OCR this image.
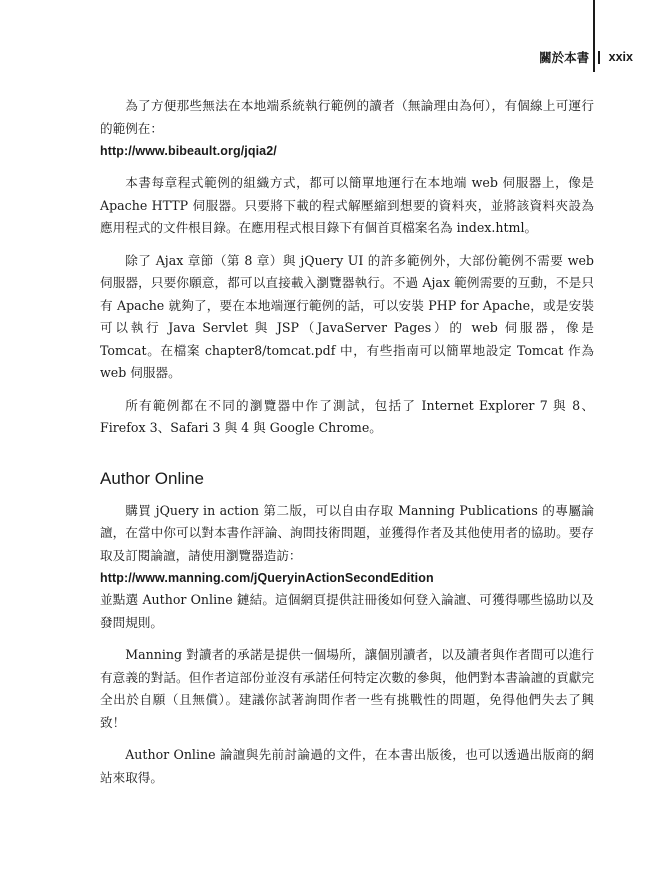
關於本書 xxix

為了方便那些無法在本地端系統執行範例的讀者（無論理由為何），有個線上可運行的範例在：

http://www.bibeault.org/jqia2/

本書每章程式範例的組織方式，都可以簡單地運行在本地端 web 伺服器上，像是 Apache HTTP 伺服器。只要將下載的程式解壓縮到想要的資料夾，並將該資料夾設為應用程式的文件根目錄。在應用程式根目錄下有個首頁檔案名為 index.html。

除了 Ajax 章節（第 8 章）與 jQuery UI 的許多範例外，大部份範例不需要 web 伺服器，只要你願意，都可以直接載入瀏覽器執行。不過 Ajax 範例需要的互動，不是只有 Apache 就夠了，要在本地端運行範例的話，可以安裝 PHP for Apache，或是安裝可以執行 Java Servlet 與 JSP（JavaServer Pages）的 web 伺服器，像是 Tomcat。在檔案 chapter8/tomcat.pdf 中，有些指南可以簡單地設定 Tomcat 作為 web 伺服器。

所有範例都在不同的瀏覽器中作了測試，包括了 Internet Explorer 7 與 8、Firefox 3、Safari 3 與 4 與 Google Chrome。

Author Online

購買 jQuery in action 第二版，可以自由存取 Manning Publications 的專屬論譠，在當中你可以對本書作評論、詢問技術問題，並獲得作者及其他使用者的協助。要存取及訂閱論譠，請使用瀏覽器造訪：

http://www.manning.com/jQueryinActionSecondEdition

並點選 Author Online 鏈結。這個網頁提供註冊後如何登入論譠、可獲得哪些協助以及發問規則。

Manning 對讀者的承諾是提供一個場所，讓個別讀者，以及讀者與作者間可以進行有意義的對話。但作者這部份並沒有承諾任何特定次數的參與，他們對本書論譠的貢獻完全出於自願（且無償）。建議你試著詢問作者一些有挑戰性的問題，免得他們失去了興致！

Author Online 論譠與先前討論過的文件，在本書出版後，也可以透過出版商的網站來取得。
